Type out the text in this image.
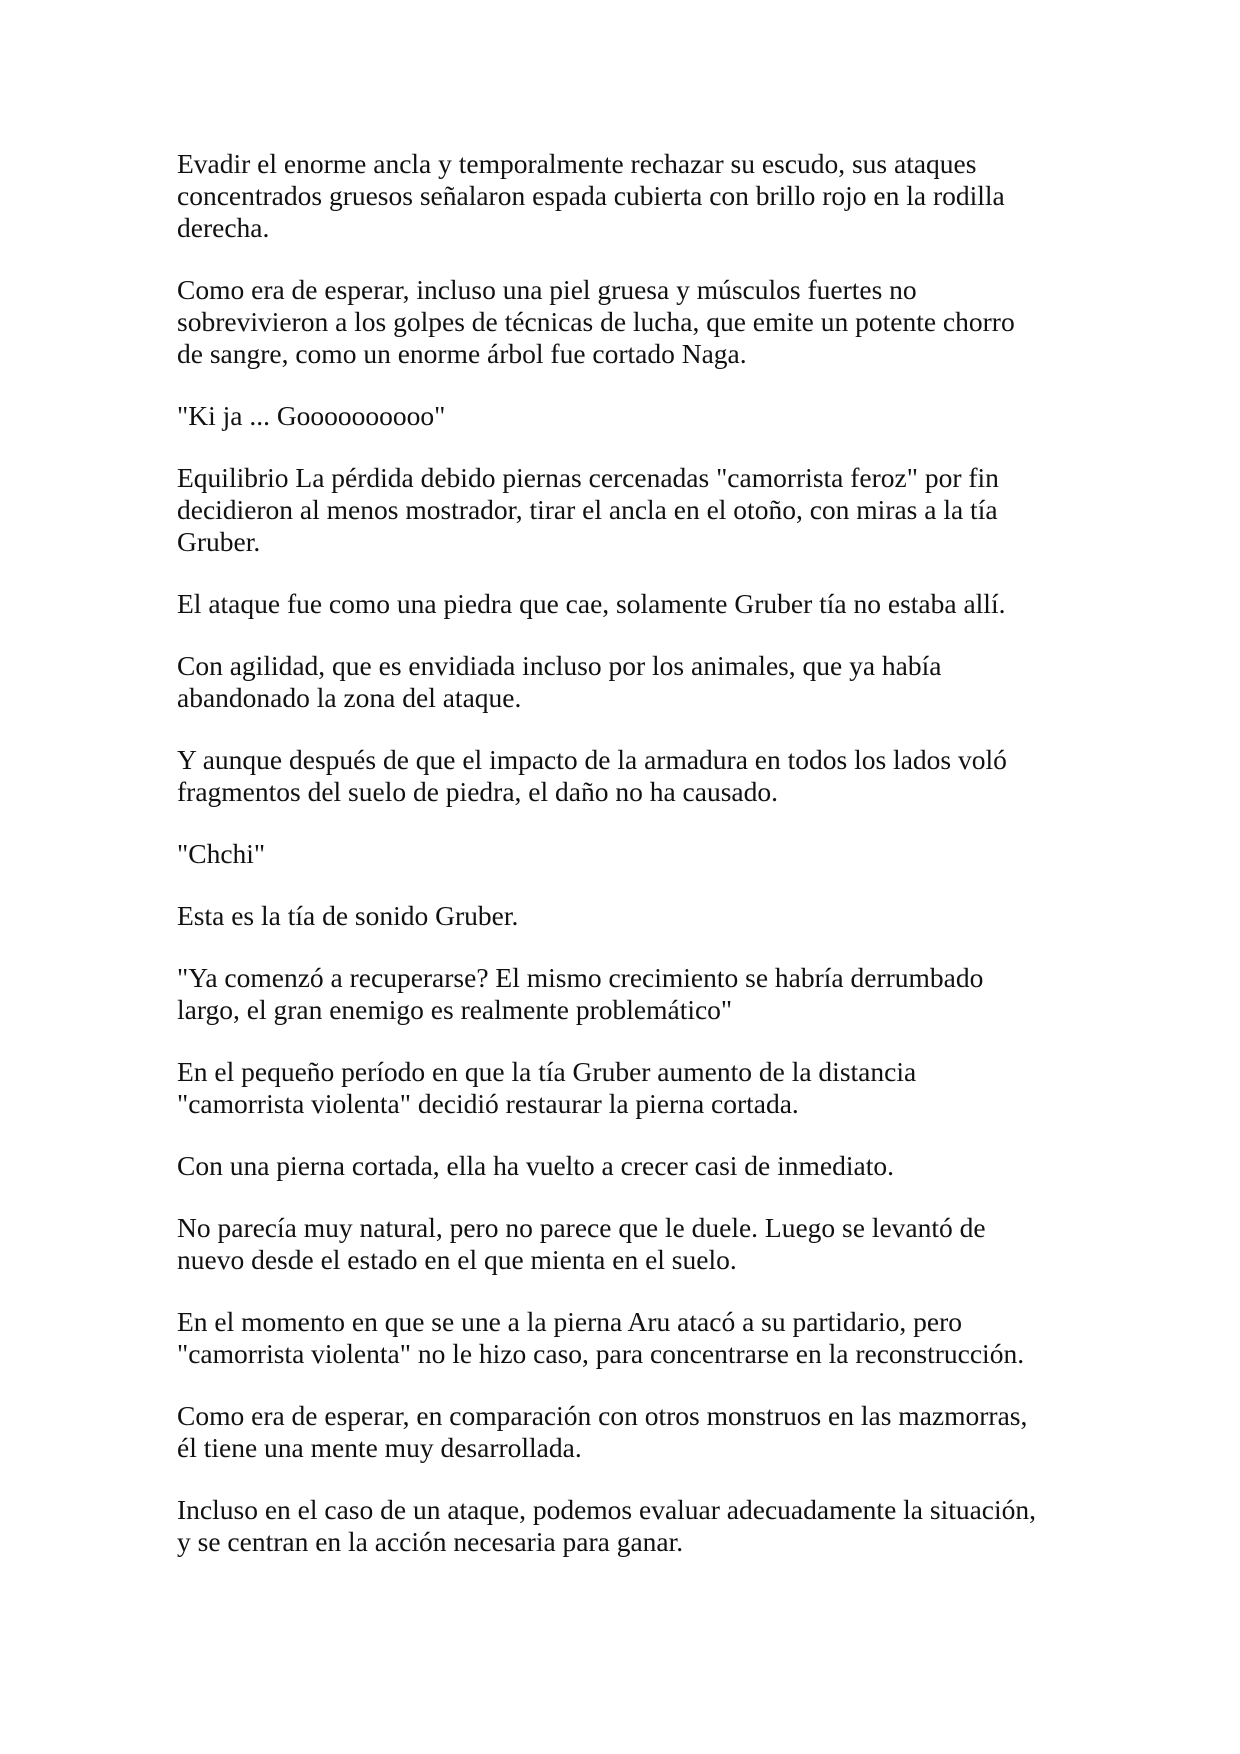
Evadir el enorme ancla y temporalmente rechazar su escudo, sus ataques
concentrados gruesos señalaron espada cubierta con brillo rojo en la rodilla
derecha.

Como era de esperar, incluso una piel gruesa y músculos fuertes no
sobrevivieron a los golpes de técnicas de lucha, que emite un potente chorro
de sangre, como un enorme árbol fue cortado Naga.

"Ki ja ... Goooooooooo"

Equilibrio La pérdida debido piernas cercenadas "camorrista feroz" por fin
decidieron al menos mostrador, tirar el ancla en el otoño, con miras a la tía
Gruber.

El ataque fue como una piedra que cae, solamente Gruber tía no estaba allí.

Con agilidad, que es envidiada incluso por los animales, que ya había
abandonado la zona del ataque.

Y aunque después de que el impacto de la armadura en todos los lados voló
fragmentos del suelo de piedra, el daño no ha causado.

"Chchi"

Esta es la tía de sonido Gruber.

"Ya comenzó a recuperarse? El mismo crecimiento se habría derrumbado
largo, el gran enemigo es realmente problemático"

En el pequeño período en que la tía Gruber aumento de la distancia
"camorrista violenta" decidió restaurar la pierna cortada.

Con una pierna cortada, ella ha vuelto a crecer casi de inmediato.

No parecía muy natural, pero no parece que le duele. Luego se levantó de
nuevo desde el estado en el que mienta en el suelo.

En el momento en que se une a la pierna Aru atacó a su partidario, pero
"camorrista violenta" no le hizo caso, para concentrarse en la reconstrucción.

Como era de esperar, en comparación con otros monstruos en las mazmorras,
él tiene una mente muy desarrollada.

Incluso en el caso de un ataque, podemos evaluar adecuadamente la situación,
y se centran en la acción necesaria para ganar.
